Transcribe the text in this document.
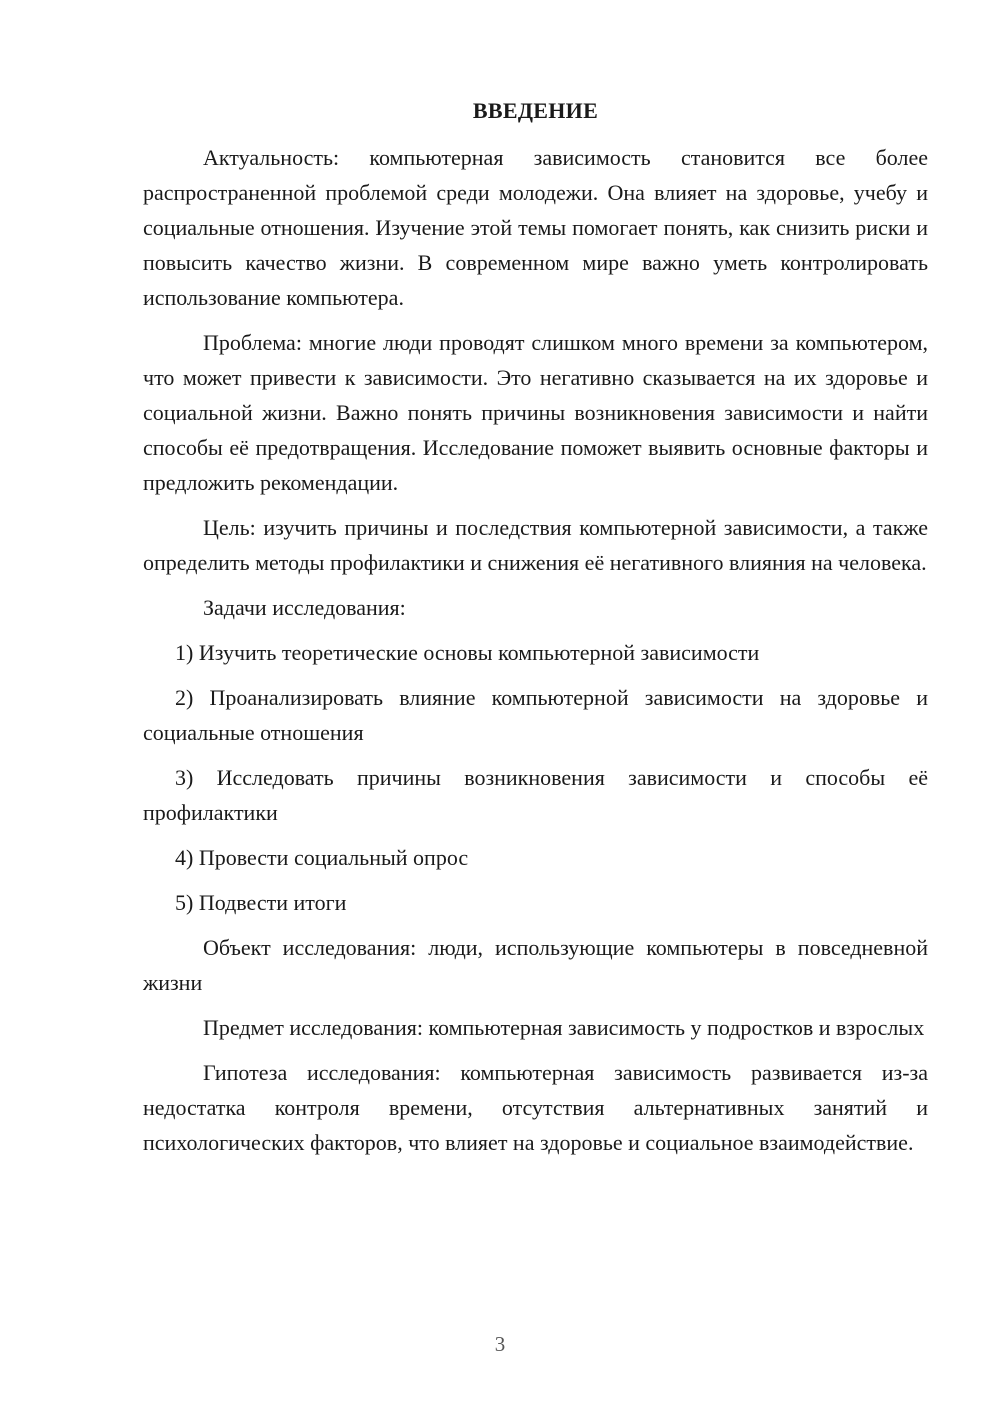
ВВЕДЕНИЕ

Актуальность: компьютерная зависимость становится все более распространенной проблемой среди молодежи. Она влияет на здоровье, учебу и социальные отношения. Изучение этой темы помогает понять, как снизить риски и повысить качество жизни. В современном мире важно уметь контролировать использование компьютера.

Проблема: многие люди проводят слишком много времени за компьютером, что может привести к зависимости. Это негативно сказывается на их здоровье и социальной жизни. Важно понять причины возникновения зависимости и найти способы её предотвращения. Исследование поможет выявить основные факторы и предложить рекомендации.

Цель: изучить причины и последствия компьютерной зависимости, а также определить методы профилактики и снижения её негативного влияния на человека.

Задачи исследования:

1) Изучить теоретические основы компьютерной зависимости

2) Проанализировать влияние компьютерной зависимости на здоровье и социальные отношения

3) Исследовать причины возникновения зависимости и способы её профилактики

4) Провести социальный опрос

5) Подвести итоги

Объект исследования: люди, использующие компьютеры в повседневной жизни

Предмет исследования: компьютерная зависимость у подростков и взрослых

Гипотеза исследования: компьютерная зависимость развивается из-за недостатка контроля времени, отсутствия альтернативных занятий и психологических факторов, что влияет на здоровье и социальное взаимодействие.

3
